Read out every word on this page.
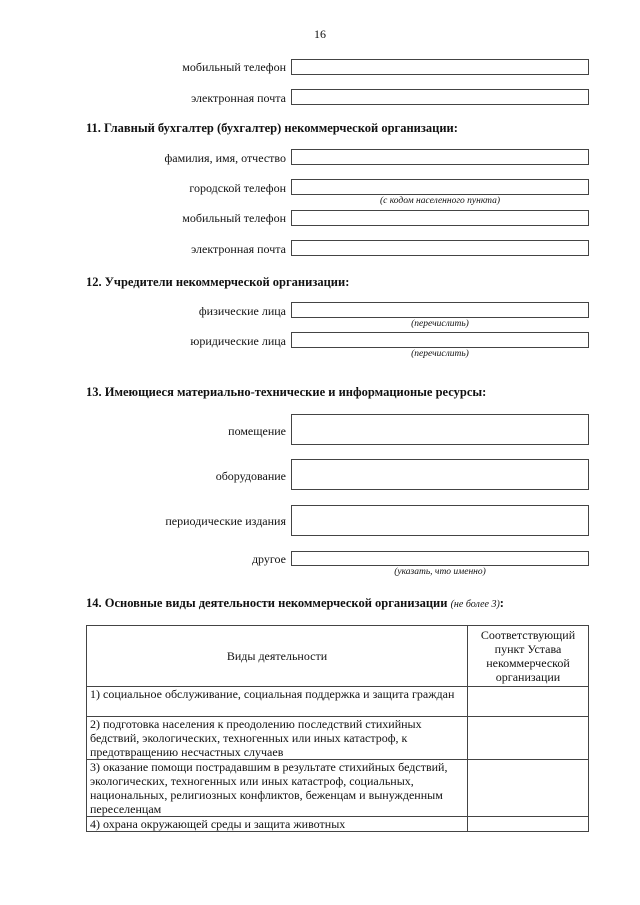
16
мобильный телефон
электронная почта
11. Главный бухгалтер (бухгалтер) некоммерческой организации:
фамилия, имя, отчество
городской телефон
(с кодом населенного пункта)
мобильный телефон
электронная почта
12. Учредители некоммерческой организации:
физические лица
(перечислить)
юридические лица
(перечислить)
13. Имеющиеся материально-технические и информационые ресурсы:
помещение
оборудование
периодические издания
другое
(указать, что именно)
14. Основные виды деятельности некоммерческой организации (не более 3):
Виды деятельности	Соответствующий пункт Устава некоммерческой организации
1) социальное обслуживание, социальная поддержка и защита граждан	
2) подготовка населения к преодолению последствий стихийных бедствий, экологических, техногенных или иных катастроф, к предотвращению несчастных случаев	
3) оказание помощи пострадавшим в результате стихийных бедствий, экологических, техногенных или иных катастроф, социальных, национальных, религиозных конфликтов, беженцам и вынужденным переселенцам	
4) охрана окружающей среды и защита животных	
